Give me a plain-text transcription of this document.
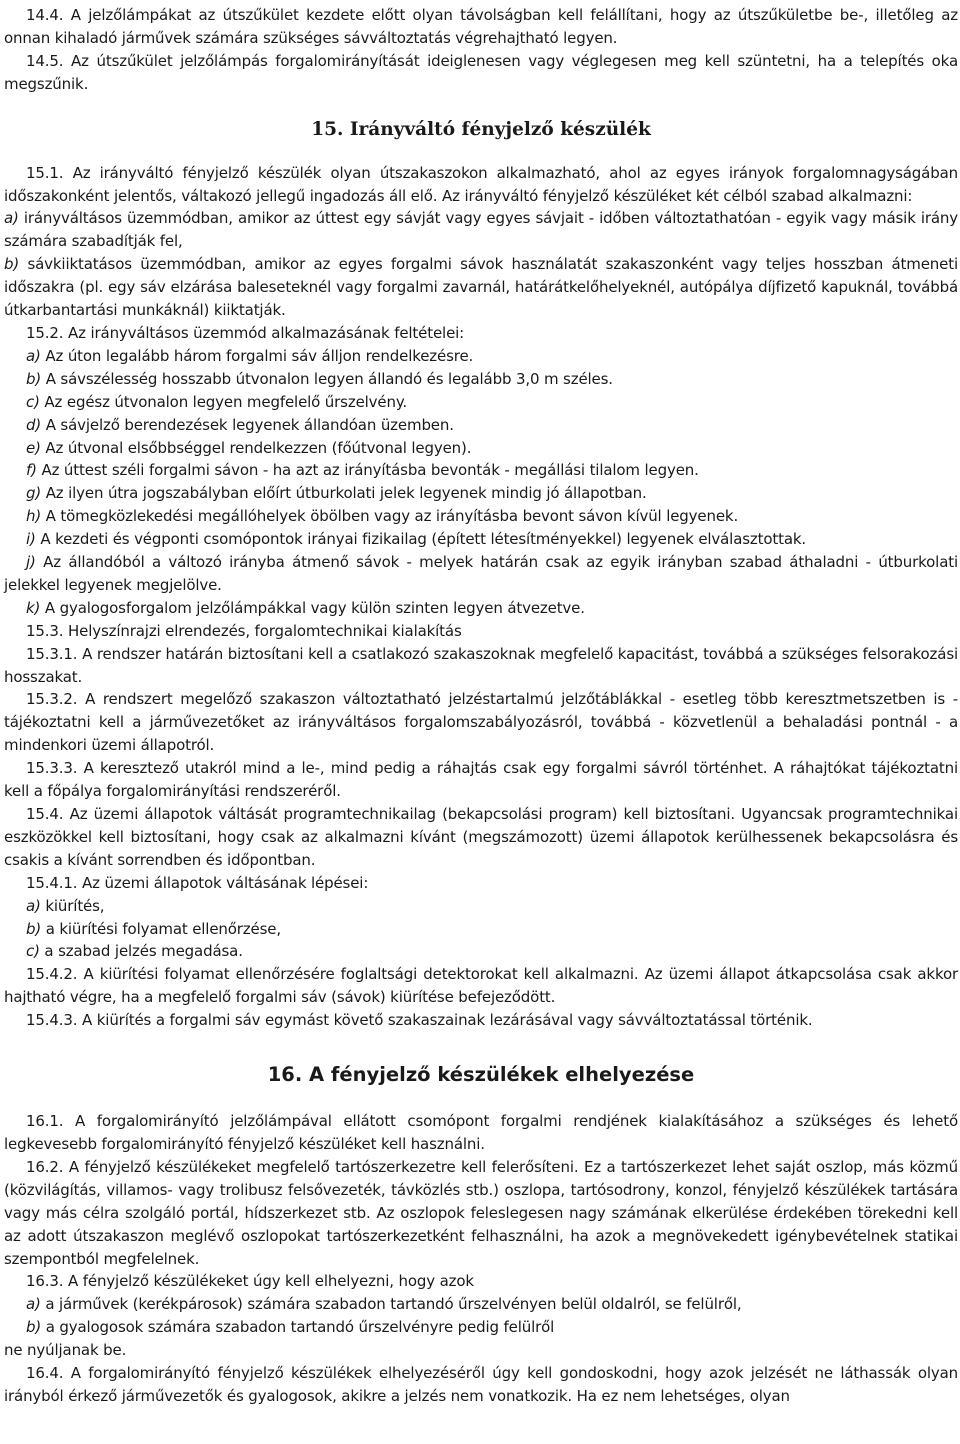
14.4. A jelzőlámpákat az útszűkület kezdete előtt olyan távolságban kell felállítani, hogy az útszűkületbe be-, illetőleg az onnan kihaladó járművek számára szükséges sávváltoztatás végrehajtható legyen.

14.5. Az útszűkület jelzőlámpás forgalomirányítását ideiglenesen vagy véglegesen meg kell szüntetni, ha a telepítés oka megszűnik.

15. Irányváltó fényjelző készülék

15.1. Az irányváltó fényjelző készülék olyan útszakaszokon alkalmazható, ahol az egyes irányok forgalomnagyságában időszakonként jelentős, váltakozó jellegű ingadozás áll elő. Az irányváltó fényjelző készüléket két célból szabad alkalmazni:

a) irányváltásos üzemmódban, amikor az úttest egy sávját vagy egyes sávjait - időben változtathatóan - egyik vagy másik irány számára szabadítják fel,

b) sávkiiktatásos üzemmódban, amikor az egyes forgalmi sávok használatát szakaszonként vagy teljes hosszban átmeneti időszakra (pl. egy sáv elzárása baleseteknél vagy forgalmi zavarnál, határátkelőhelyeknél, autópálya díjfizető kapuknál, továbbá útkarbantartási munkáknál) kiiktatják.

15.2. Az irányváltásos üzemmód alkalmazásának feltételei:

a) Az úton legalább három forgalmi sáv álljon rendelkezésre.

b) A sávszélesség hosszabb útvonalon legyen állandó és legalább 3,0 m széles.

c) Az egész útvonalon legyen megfelelő űrszelvény.

d) A sávjelző berendezések legyenek állandóan üzemben.

e) Az útvonal elsőbbséggel rendelkezzen (főútvonal legyen).

f) Az úttest széli forgalmi sávon - ha azt az irányításba bevonták - megállási tilalom legyen.

g) Az ilyen útra jogszabályban előírt útburkolati jelek legyenek mindig jó állapotban.

h) A tömegközlekedési megállóhelyek öbölben vagy az irányításba bevont sávon kívül legyenek.

i) A kezdeti és végponti csomópontok irányai fizikailag (épített létesítményekkel) legyenek elválasztottak.

j) Az állandóból a változó irányba átmenő sávok - melyek határán csak az egyik irányban szabad áthaladni - útburkolati jelekkel legyenek megjelölve.

k) A gyalogosforgalom jelzőlámpákkal vagy külön szinten legyen átvezetve.

15.3. Helyszínrajzi elrendezés, forgalomtechnikai kialakítás

15.3.1. A rendszer határán biztosítani kell a csatlakozó szakaszoknak megfelelő kapacitást, továbbá a szükséges felsorakozási hosszakat.

15.3.2. A rendszert megelőző szakaszon változtatható jelzéstartalmú jelzőtáblákkal - esetleg több keresztmetszetben is - tájékoztatni kell a járművezetőket az irányváltásos forgalomszabályozásról, továbbá - közvetlenül a behaladási pontnál - a mindenkori üzemi állapotról.

15.3.3. A keresztező utakról mind a le-, mind pedig a ráhajtás csak egy forgalmi sávról történhet. A ráhajtókat tájékoztatni kell a főpálya forgalomirányítási rendszeréről.

15.4. Az üzemi állapotok váltását programtechnikailag (bekapcsolási program) kell biztosítani. Ugyancsak programtechnikai eszközökkel kell biztosítani, hogy csak az alkalmazni kívánt (megszámozott) üzemi állapotok kerülhessenek bekapcsolásra és csakis a kívánt sorrendben és időpontban.

15.4.1. Az üzemi állapotok váltásának lépései:

a) kiürítés,

b) a kiürítési folyamat ellenőrzése,

c) a szabad jelzés megadása.

15.4.2. A kiürítési folyamat ellenőrzésére foglaltsági detektorokat kell alkalmazni. Az üzemi állapot átkapcsolása csak akkor hajtható végre, ha a megfelelő forgalmi sáv (sávok) kiürítése befejeződött.

15.4.3. A kiürítés a forgalmi sáv egymást követő szakaszainak lezárásával vagy sávváltoztatással történik.

16. A fényjelző készülékek elhelyezése

16.1. A forgalomirányító jelzőlámpával ellátott csomópont forgalmi rendjének kialakításához a szükséges és lehető legkevesebb forgalomirányító fényjelző készüléket kell használni.

16.2. A fényjelző készülékeket megfelelő tartószerkezetre kell felerősíteni. Ez a tartószerkezet lehet saját oszlop, más közmű (közvilágítás, villamos- vagy trolibusz felsővezeték, távközlés stb.) oszlopa, tartósodrony, konzol, fényjelző készülékek tartására vagy más célra szolgáló portál, hídszerkezet stb. Az oszlopok feleslegesen nagy számának elkerülése érdekében törekedni kell az adott útszakaszon meglévő oszlopokat tartószerkezetként felhasználni, ha azok a megnövekedett igénybevételnek statikai szempontból megfelelnek.

16.3. A fényjelző készülékeket úgy kell elhelyezni, hogy azok

a) a járművek (kerékpárosok) számára szabadon tartandó űrszelvényen belül oldalról, se felülről,

b) a gyalogosok számára szabadon tartandó űrszelvényre pedig felülről

ne nyúljanak be.

16.4. A forgalomirányító fényjelző készülékek elhelyezéséről úgy kell gondoskodni, hogy azok jelzését ne láthassák olyan irányból érkező járművezetők és gyalogosok, akikre a jelzés nem vonatkozik. Ha ez nem lehetséges, olyan
